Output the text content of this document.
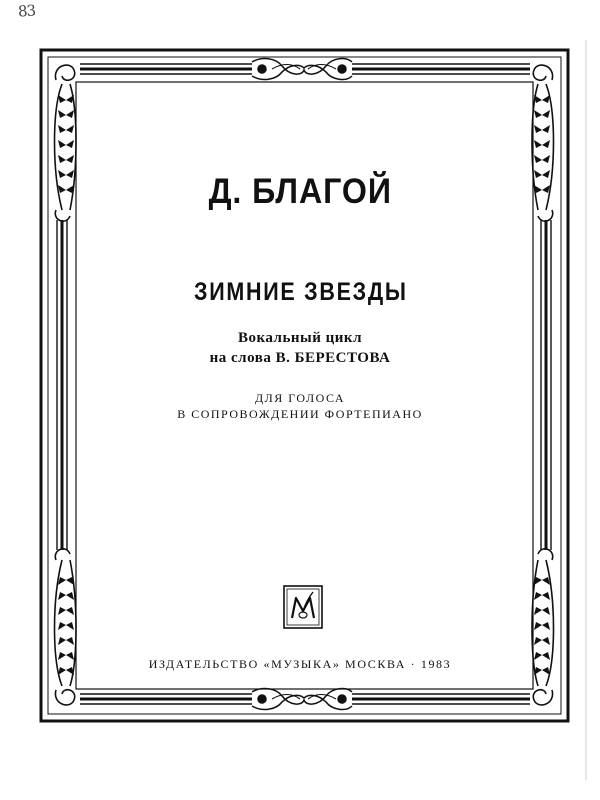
83
Д. БЛАГОЙ
ЗИМНИЕ ЗВЕЗДЫ
Вокальный цикл
на слова В. БЕРЕСТОВА
ДЛЯ ГОЛОСА
В СОПРОВОЖДЕНИИ ФОРТЕПИАНО
ИЗДАТЕЛЬСТВО «МУЗЫКА» МОСКВА · 1983
